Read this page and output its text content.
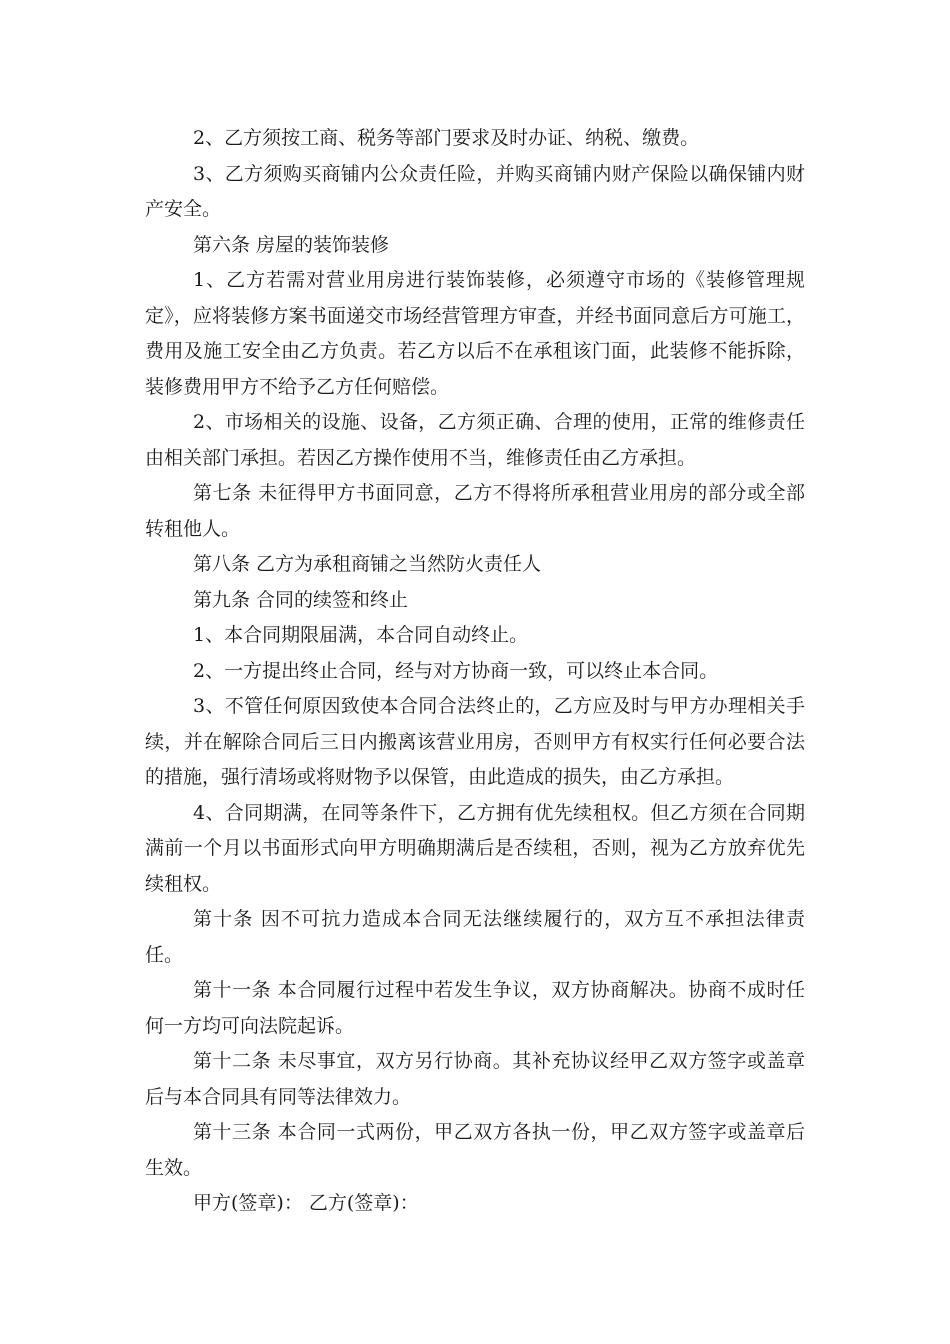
2、乙方须按工商、税务等部门要求及时办证、纳税、缴费。

3、乙方须购买商铺内公众责任险，并购买商铺内财产保险以确保铺内财产安全。

第六条 房屋的装饰装修

1、乙方若需对营业用房进行装饰装修，必须遵守市场的《装修管理规定》，应将装修方案书面递交市场经营管理方审查，并经书面同意后方可施工，费用及施工安全由乙方负责。若乙方以后不在承租该门面，此装修不能拆除，装修费用甲方不给予乙方任何赔偿。

2、市场相关的设施、设备，乙方须正确、合理的使用，正常的维修责任由相关部门承担。若因乙方操作使用不当，维修责任由乙方承担。

第七条 未征得甲方书面同意，乙方不得将所承租营业用房的部分或全部转租他人。

第八条 乙方为承租商铺之当然防火责任人

第九条 合同的续签和终止

1、本合同期限届满，本合同自动终止。

2、一方提出终止合同，经与对方协商一致，可以终止本合同。

3、不管任何原因致使本合同合法终止的，乙方应及时与甲方办理相关手续，并在解除合同后三日内搬离该营业用房，否则甲方有权实行任何必要合法的措施，强行清场或将财物予以保管，由此造成的损失，由乙方承担。

4、合同期满，在同等条件下，乙方拥有优先续租权。但乙方须在合同期满前一个月以书面形式向甲方明确期满后是否续租，否则，视为乙方放弃优先续租权。

第十条 因不可抗力造成本合同无法继续履行的，双方互不承担法律责任。

第十一条 本合同履行过程中若发生争议，双方协商解决。协商不成时任何一方均可向法院起诉。

第十二条 未尽事宜，双方另行协商。其补充协议经甲乙双方签字或盖章后与本合同具有同等法律效力。

第十三条 本合同一式两份，甲乙双方各执一份，甲乙双方签字或盖章后生效。

甲方(签章)： 乙方(签章)：
